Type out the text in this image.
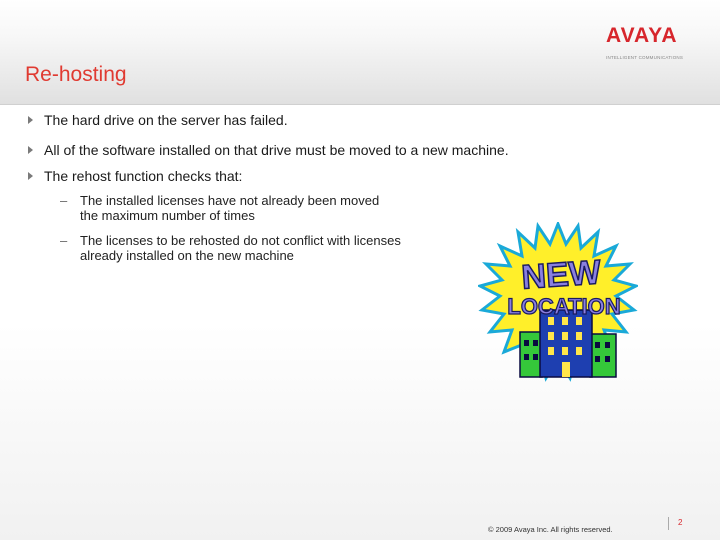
Re-hosting
AVAYA
INTELLIGENT COMMUNICATIONS
The hard drive on the server has failed.
All of the software installed on that drive must be moved to a new machine.
The rehost function checks that:
– The installed licenses have not already been moved the maximum number of times
– The licenses to be rehosted do not conflict with licenses already installed on the new machine	NEW
LOCATION
© 2009 Avaya Inc. All rights reserved.
2
